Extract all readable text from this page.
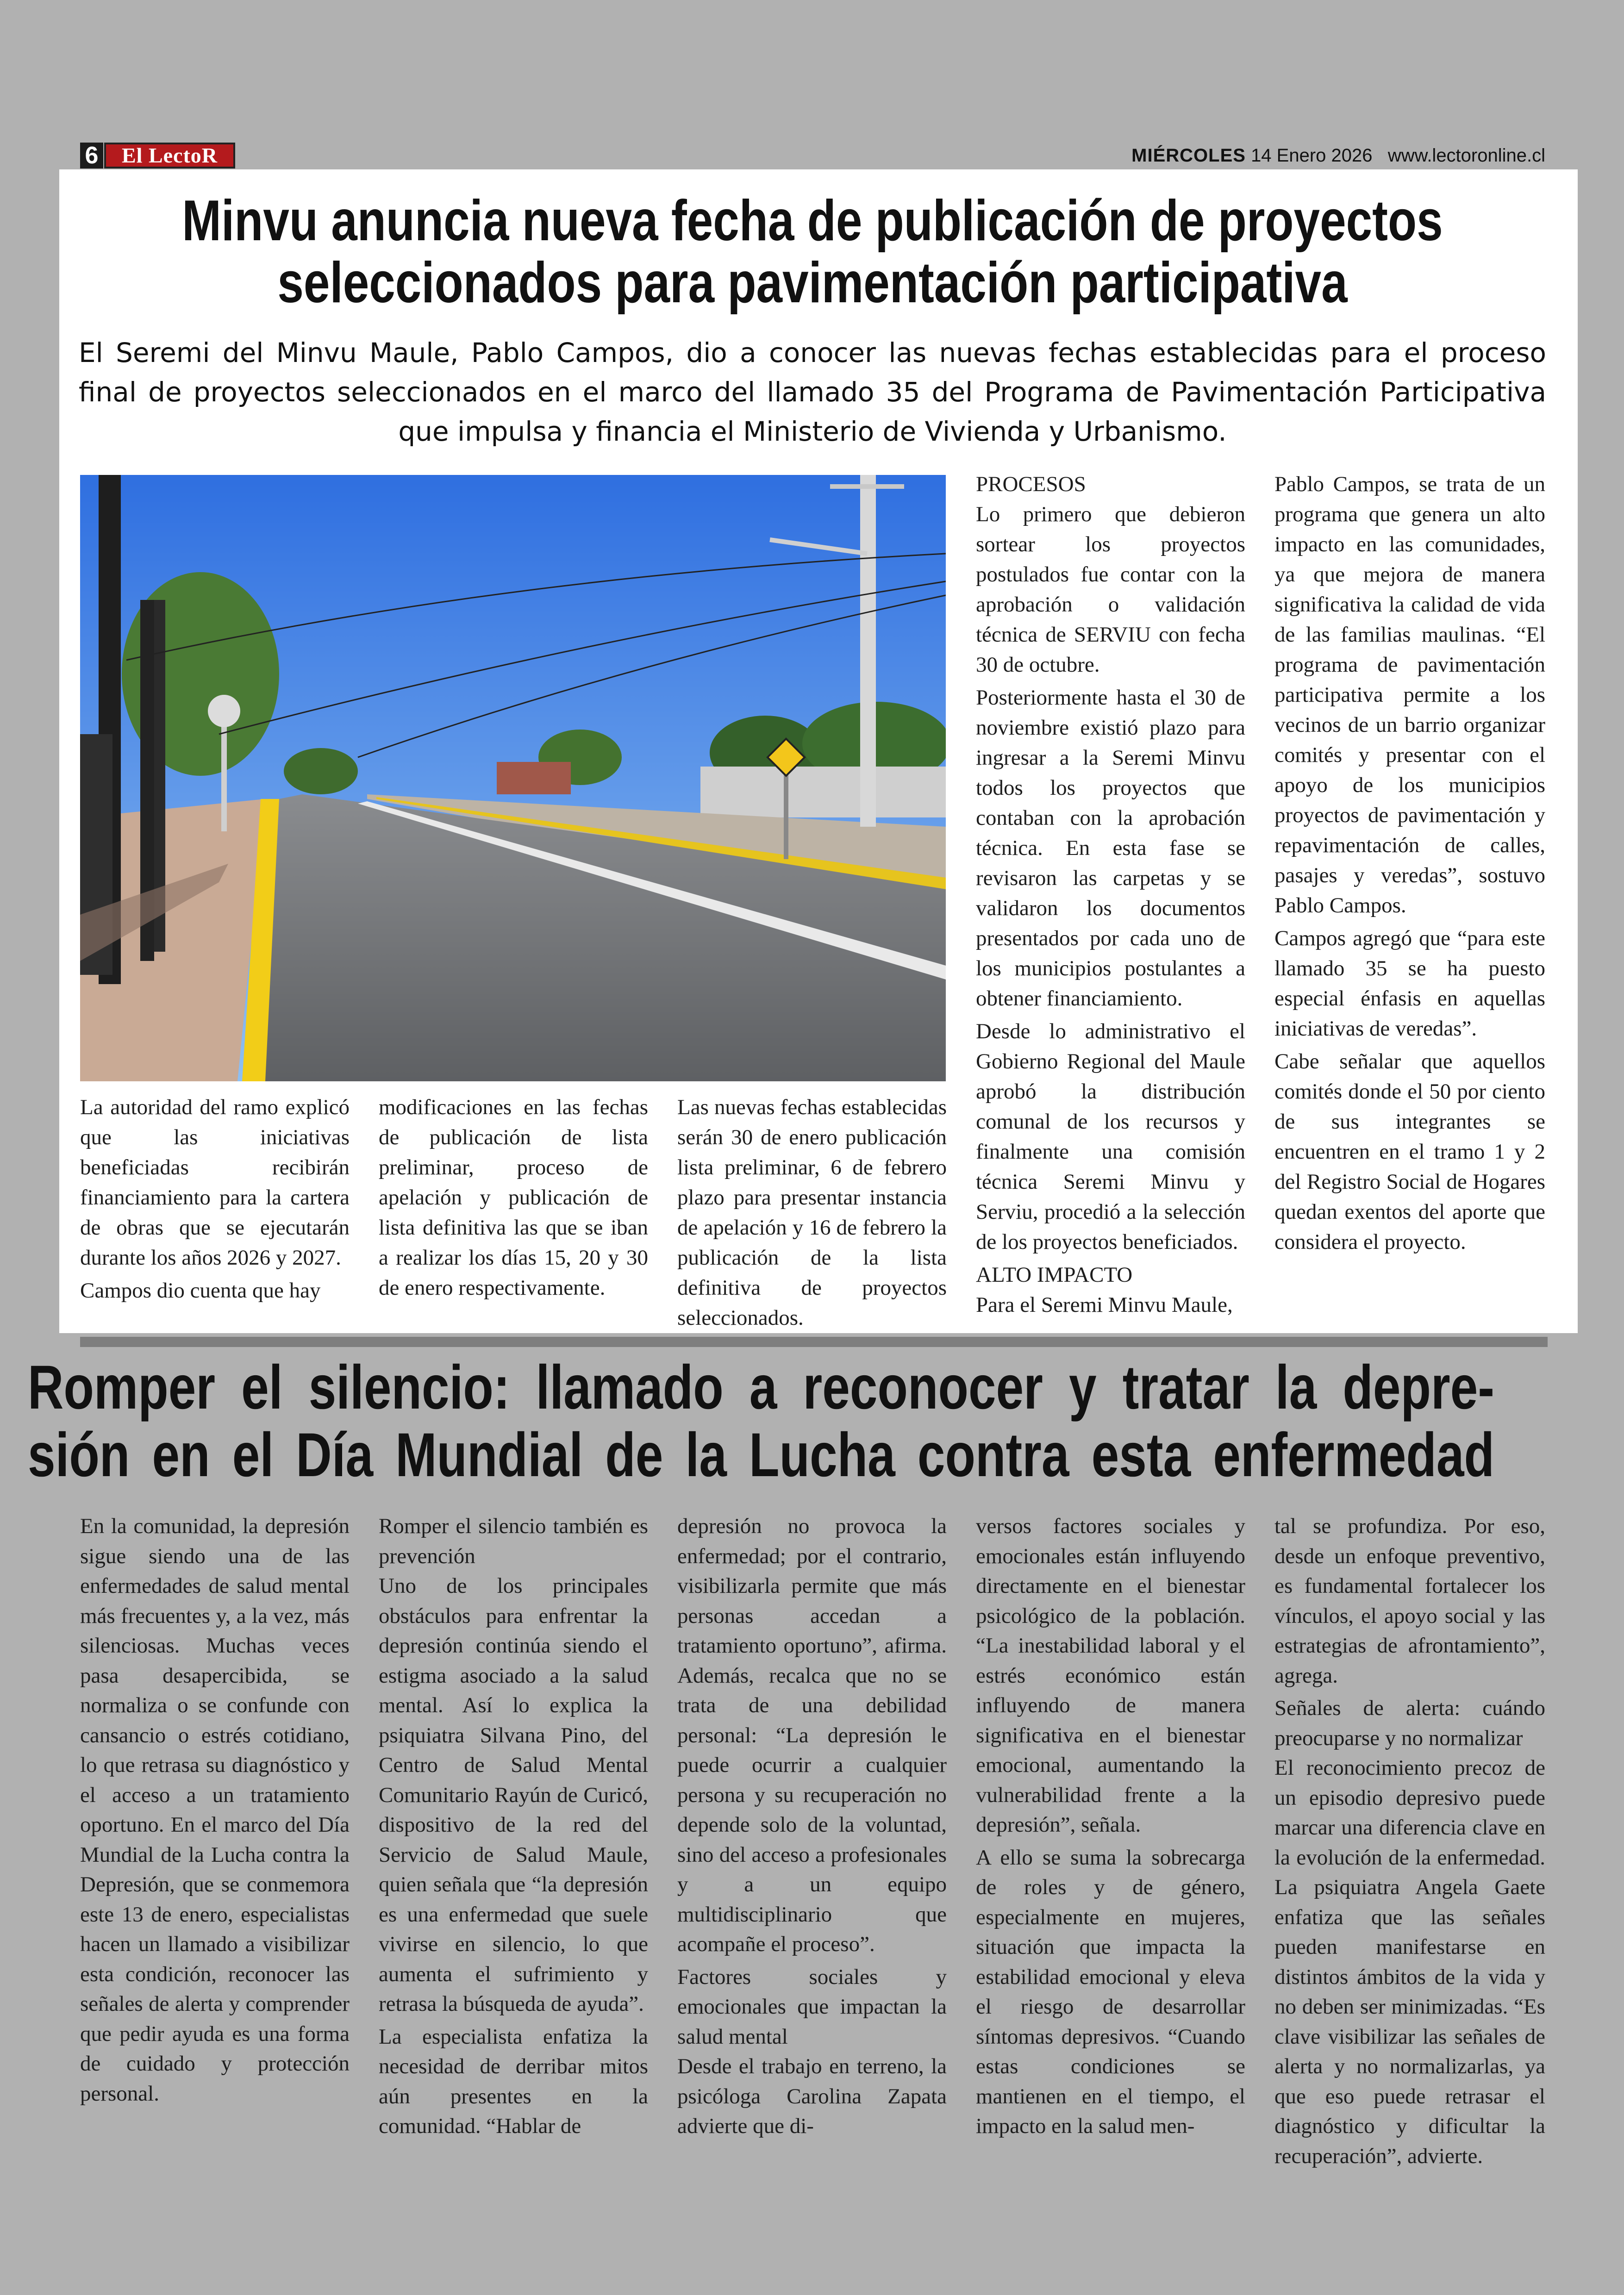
6	El LectoR	MIÉRCOLES 14 Enero 2026 www.lectoronline.cl
Minvu anuncia nueva fecha de publicación de proyectos seleccionados para pavimentación participativa

El Seremi del Minvu Maule, Pablo Campos, dio a conocer las nuevas fechas establecidas para el proceso final de proyectos seleccionados en el marco del llamado 35 del Programa de Pavimentación Participativa que impulsa y financia el Ministerio de Vivienda y Urbanismo.

La autoridad del ramo explicó que las iniciativas beneficiadas recibirán financiamiento para la cartera de obras que se ejecutarán durante los años 2026 y 2027.

Campos dio cuenta que hay

modificaciones en las fechas de publicación de lista preliminar, proceso de apelación y publicación de lista definitiva las que se iban a realizar los días 15, 20 y 30 de enero respectivamente.

Las nuevas fechas establecidas serán 30 de enero publicación lista preliminar, 6 de febrero plazo para presentar instancia de apelación y 16 de febrero la publicación de la lista definitiva de proyectos seleccionados.

PROCESOS

Lo primero que debieron sortear los proyectos postulados fue contar con la aprobación o validación técnica de SERVIU con fecha 30 de octubre.

Posteriormente hasta el 30 de noviembre existió plazo para ingresar a la Seremi Minvu todos los proyectos que contaban con la aprobación técnica. En esta fase se revisaron las carpetas y se validaron los documentos presentados por cada uno de los municipios postulantes a obtener financiamiento.

Desde lo administrativo el Gobierno Regional del Maule aprobó la distribución comunal de los recursos y finalmente una comisión técnica Seremi Minvu y Serviu, procedió a la selección de los proyectos beneficiados.

ALTO IMPACTO

Para el Seremi Minvu Maule,

Pablo Campos, se trata de un programa que genera un alto impacto en las comunidades, ya que mejora de manera significativa la calidad de vida de las familias maulinas. “El programa de pavimentación participativa permite a los vecinos de un barrio organizar comités y presentar con el apoyo de los municipios proyectos de pavimentación y repavimentación de calles, pasajes y veredas”, sostuvo Pablo Campos.

Campos agregó que “para este llamado 35 se ha puesto especial énfasis en aquellas iniciativas de veredas”.

Cabe señalar que aquellos comités donde el 50 por ciento de sus integrantes se encuentren en el tramo 1 y 2 del Registro Social de Hogares quedan exentos del aporte que considera el proyecto.

Romper el silencio: llamado a reconocer y tratar la depre-
sión en el Día Mundial de la Lucha contra esta enfermedad

En la comunidad, la depresión sigue siendo una de las enfermedades de salud mental más frecuentes y, a la vez, más silenciosas. Muchas veces pasa desapercibida, se normaliza o se confunde con cansancio o estrés cotidiano, lo que retrasa su diagnóstico y el acceso a un tratamiento oportuno. En el marco del Día Mundial de la Lucha contra la Depresión, que se conmemora este 13 de enero, especialistas hacen un llamado a visibilizar esta condición, reconocer las señales de alerta y comprender que pedir ayuda es una forma de cuidado y protección personal.

Romper el silencio también es prevención

Uno de los principales obstáculos para enfrentar la depresión continúa siendo el estigma asociado a la salud mental. Así lo explica la psiquiatra Silvana Pino, del Centro de Salud Mental Comunitario Rayún de Curicó, dispositivo de la red del Servicio de Salud Maule, quien señala que “la depresión es una enfermedad que suele vivirse en silencio, lo que aumenta el sufrimiento y retrasa la búsqueda de ayuda”.

La especialista enfatiza la necesidad de derribar mitos aún presentes en la comunidad. “Hablar de

depresión no provoca la enfermedad; por el contrario, visibilizarla permite que más personas accedan a tratamiento oportuno”, afirma. Además, recalca que no se trata de una debilidad personal: “La depresión le puede ocurrir a cualquier persona y su recuperación no depende solo de la voluntad, sino del acceso a profesionales y a un equipo multidisciplinario que acompañe el proceso”.

Factores sociales y emocionales que impactan la salud mental

Desde el trabajo en terreno, la psicóloga Carolina Zapata advierte que di-

versos factores sociales y emocionales están influyendo directamente en el bienestar psicológico de la población. “La inestabilidad laboral y el estrés económico están influyendo de manera significativa en el bienestar emocional, aumentando la vulnerabilidad frente a la depresión”, señala.

A ello se suma la sobrecarga de roles y de género, especialmente en mujeres, situación que impacta la estabilidad emocional y eleva el riesgo de desarrollar síntomas depresivos. “Cuando estas condiciones se mantienen en el tiempo, el impacto en la salud men-

tal se profundiza. Por eso, desde un enfoque preventivo, es fundamental fortalecer los vínculos, el apoyo social y las estrategias de afrontamiento”, agrega.

Señales de alerta: cuándo preocuparse y no normalizar

El reconocimiento precoz de un episodio depresivo puede marcar una diferencia clave en la evolución de la enfermedad. La psiquiatra Angela Gaete enfatiza que las señales pueden manifestarse en distintos ámbitos de la vida y no deben ser minimizadas. “Es clave visibilizar las señales de alerta y no normalizarlas, ya que eso puede retrasar el diagnóstico y dificultar la recuperación”, advierte.
